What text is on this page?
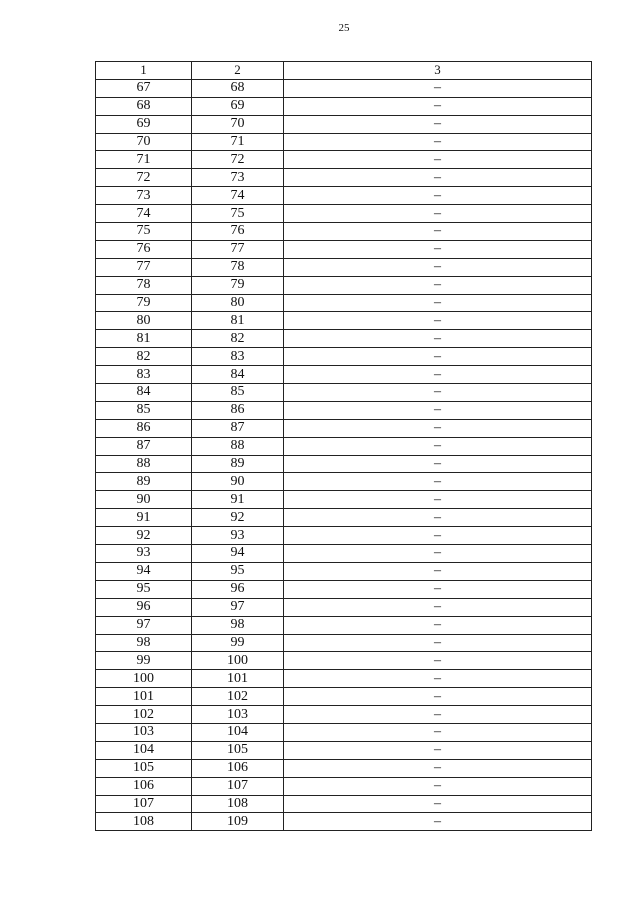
25
1	2	3
67	68	–
68	69	–
69	70	–
70	71	–
71	72	–
72	73	–
73	74	–
74	75	–
75	76	–
76	77	–
77	78	–
78	79	–
79	80	–
80	81	–
81	82	–
82	83	–
83	84	–
84	85	–
85	86	–
86	87	–
87	88	–
88	89	–
89	90	–
90	91	–
91	92	–
92	93	–
93	94	–
94	95	–
95	96	–
96	97	–
97	98	–
98	99	–
99	100	–
100	101	–
101	102	–
102	103	–
103	104	–
104	105	–
105	106	–
106	107	–
107	108	–
108	109	–
